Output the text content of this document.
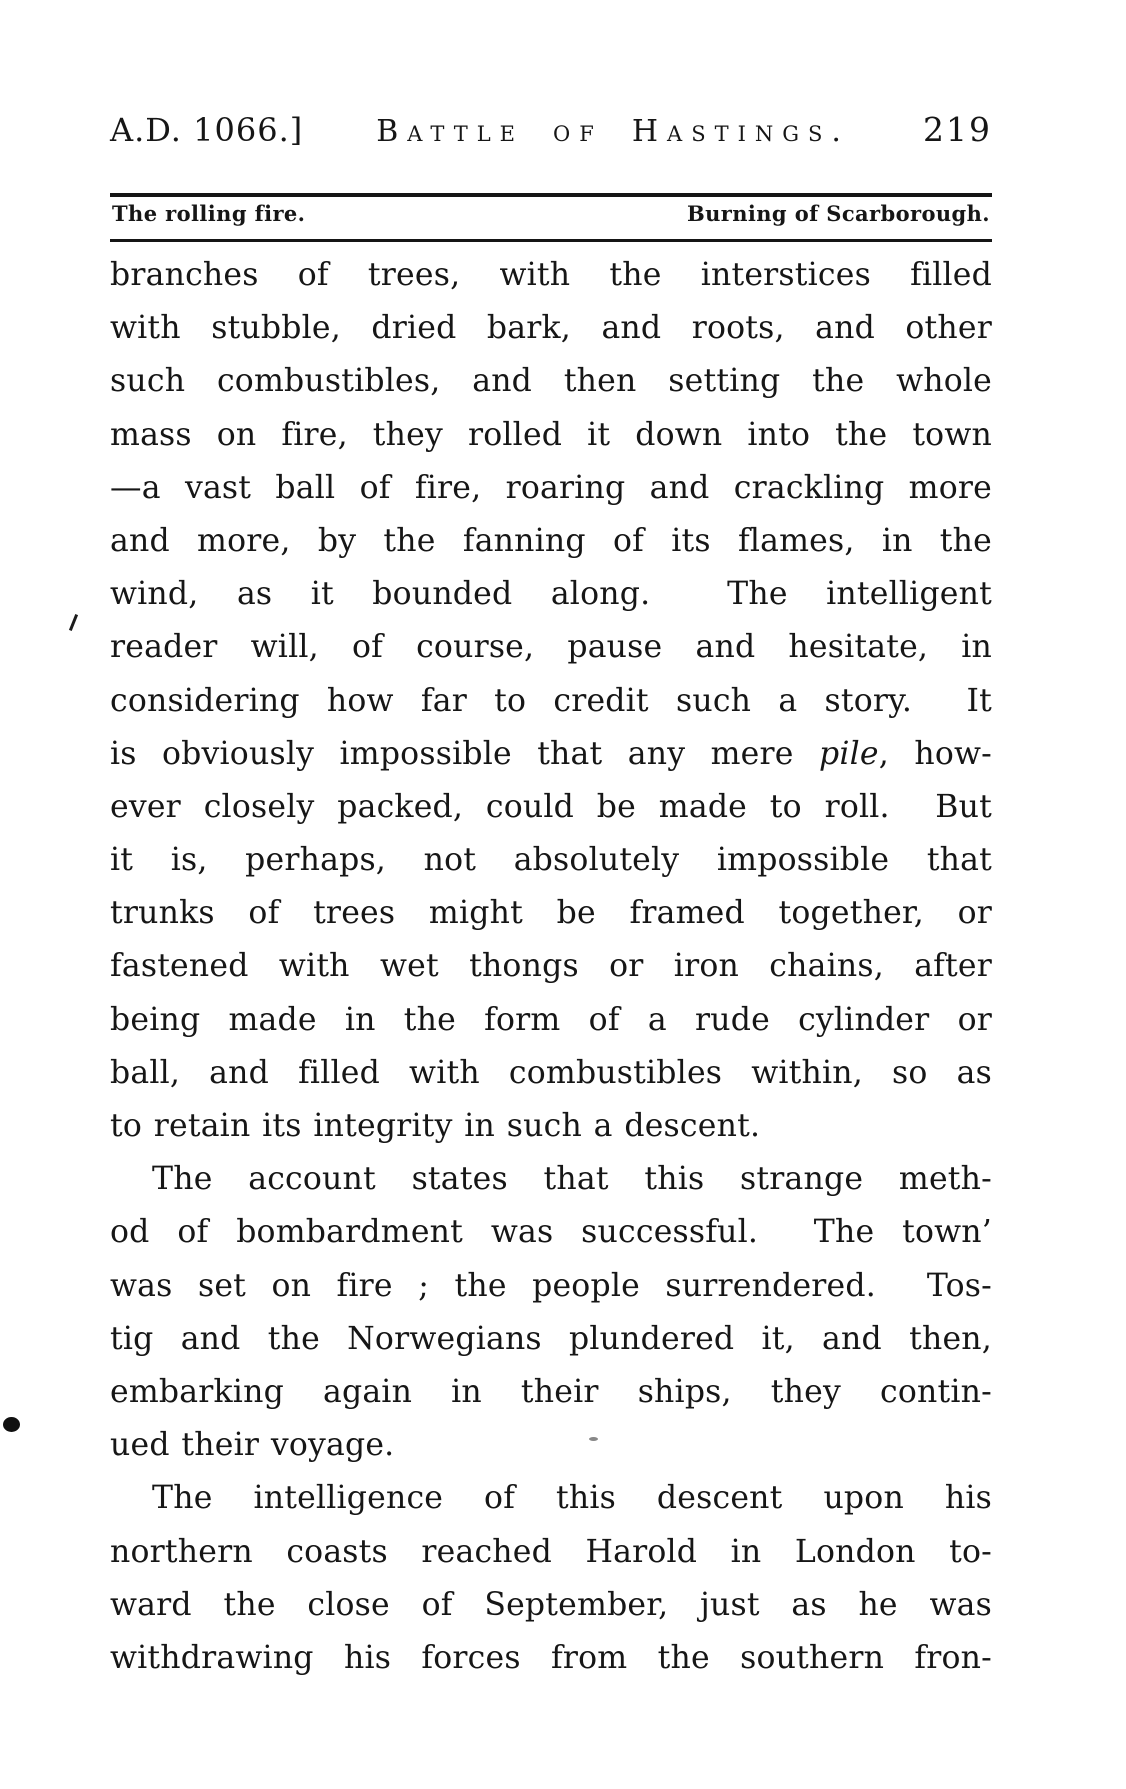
A.D. 1066.] Battle of Hastings. 219
The rolling fire.	Burning of Scarborough.
branches of trees, with the interstices filled
with stubble, dried bark, and roots, and other
such combustibles, and then setting the whole
mass on fire, they rolled it down into the town
—a vast ball of fire, roaring and crackling more
and more, by the fanning of its flames, in the
wind, as it bounded along.  The intelligent
reader will, of course, pause and hesitate, in
considering how far to credit such a story.  It
is obviously impossible that any mere pile, how-
ever closely packed, could be made to roll.  But
it is, perhaps, not absolutely impossible that
trunks of trees might be framed together, or
fastened with wet thongs or iron chains, after
being made in the form of a rude cylinder or
ball, and filled with combustibles within, so as
to retain its integrity in such a descent.
The account states that this strange meth-
od of bombardment was successful.  The town’
was set on fire ; the people surrendered.  Tos-
tig and the Norwegians plundered it, and then,
embarking again in their ships, they contin-
ued their voyage.
The intelligence of this descent upon his
northern coasts reached Harold in London to-
ward the close of September, just as he was
withdrawing his forces from the southern fron-
